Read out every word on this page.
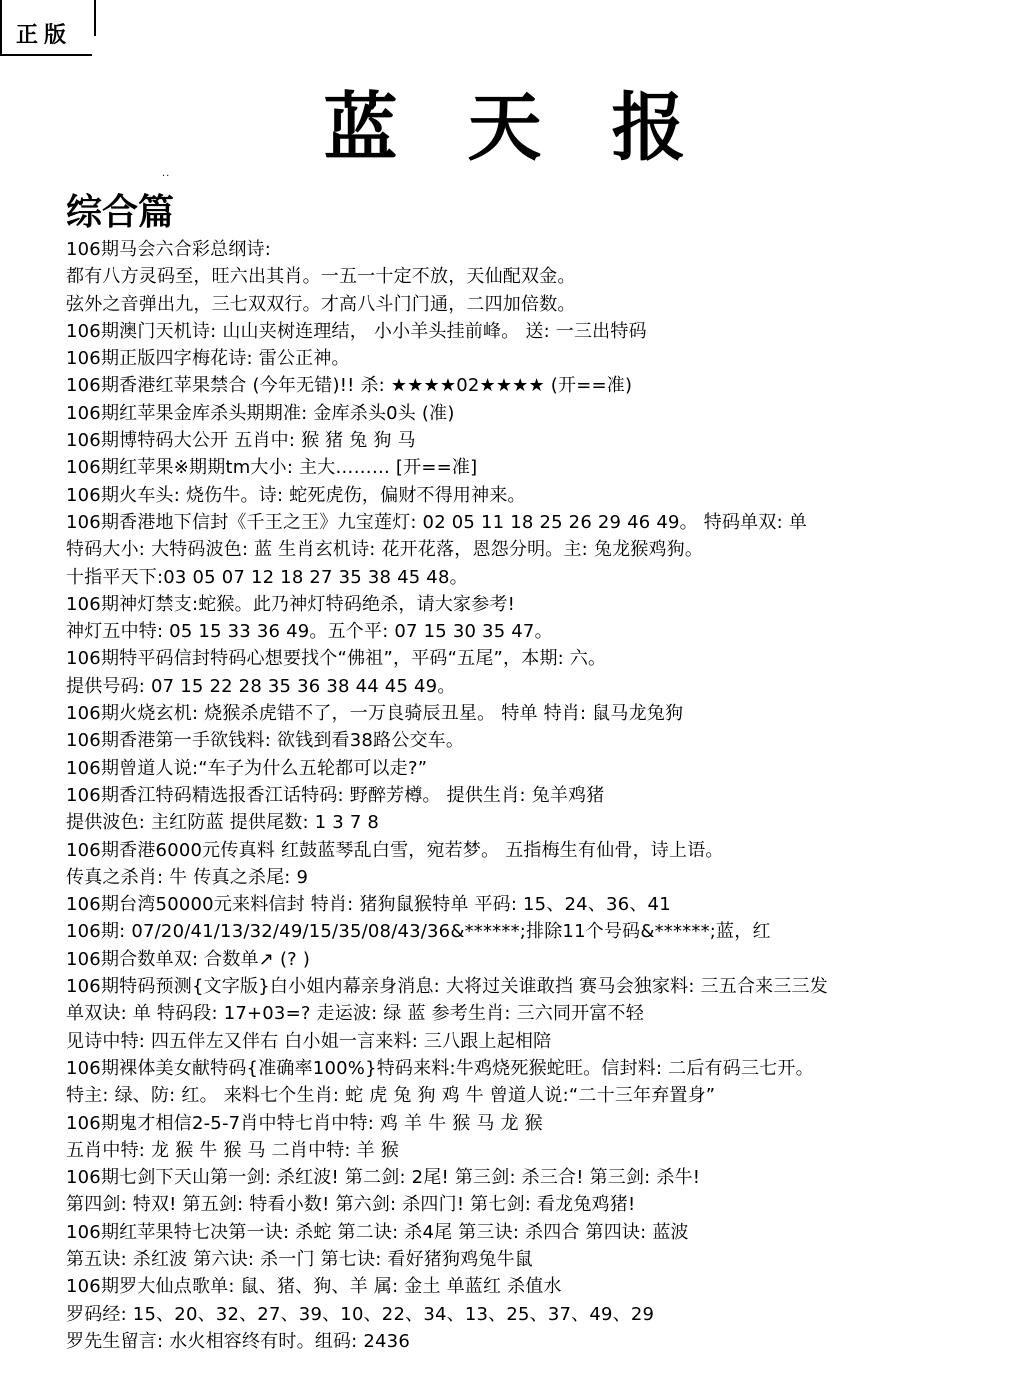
正版
蓝天报
··
综合篇
106期马会六合彩总纲诗:
都有八方灵码至，旺六出其肖。一五一十定不放，天仙配双金。
弦外之音弹出九，三七双双行。才高八斗门门通，二四加倍数。
106期澳门天机诗: 山山夹树连理结， 小小羊头挂前峰。 送: 一三出特码
106期正版四字梅花诗: 雷公正神。
106期香港红苹果禁合 (今年无错)!! 杀: ★★★★02★★★★ (开==准)
106期红苹果金库杀头期期准: 金库杀头0头 (准)
106期博特码大公开 五肖中: 猴 猪 兔 狗 马
106期红苹果※期期tm大小: 主大……… [开==准]
106期火车头: 烧伤牛。诗: 蛇死虎伤，偏财不得用神来。
106期香港地下信封《千王之王》九宝莲灯: 02 05 11 18 25 26 29 46 49。 特码单双: 单
特码大小: 大特码波色: 蓝 生肖玄机诗: 花开花落，恩怨分明。主: 兔龙猴鸡狗。
十指平天下:03 05 07 12 18 27 35 38 45 48。
106期神灯禁支:蛇猴。此乃神灯特码绝杀，请大家参考!
神灯五中特: 05 15 33 36 49。五个平: 07 15 30 35 47。
106期特平码信封特码心想要找个“佛祖”，平码“五尾”，本期: 六。
提供号码: 07 15 22 28 35 36 38 44 45 49。
106期火烧玄机: 烧猴杀虎错不了，一万良骑辰丑星。 特单 特肖: 鼠马龙兔狗
106期香港第一手欲钱料: 欲钱到看38路公交车。
106期曾道人说:“车子为什么五轮都可以走?”
106期香江特码精选报香江话特码: 野醉芳樽。 提供生肖: 兔羊鸡猪
提供波色: 主红防蓝 提供尾数: 1 3 7 8
106期香港6000元传真料 红鼓蓝琴乱白雪，宛若梦。 五指梅生有仙骨，诗上语。
传真之杀肖: 牛 传真之杀尾: 9
106期台湾50000元来料信封 特肖: 猪狗鼠猴特单 平码: 15、24、36、41
106期: 07/20/41/13/32/49/15/35/08/43/36&******;排除11个号码&******;蓝，红
106期合数单双: 合数单↗ (? )
106期特码预测{文字版}白小姐内幕亲身消息: 大将过关谁敢挡 赛马会独家料: 三五合来三三发
单双诀: 单 特码段: 17+03=? 走运波: 绿 蓝 参考生肖: 三六同开富不轻
见诗中特: 四五伴左又伴右 白小姐一言来料: 三八跟上起相陪
106期裸体美女献特码{准确率100%}特码来料:牛鸡烧死猴蛇旺。信封料: 二后有码三七开。
特主: 绿、防: 红。 来料七个生肖: 蛇 虎 兔 狗 鸡 牛 曾道人说:“二十三年弃置身”
106期鬼才相信2-5-7肖中特七肖中特: 鸡 羊 牛 猴 马 龙 猴
五肖中特: 龙 猴 牛 猴 马 二肖中特: 羊 猴
106期七剑下天山第一剑: 杀红波! 第二剑: 2尾! 第三剑: 杀三合! 第三剑: 杀牛!
第四剑: 特双! 第五剑: 特看小数! 第六剑: 杀四门! 第七剑: 看龙兔鸡猪!
106期红苹果特七决第一诀: 杀蛇 第二诀: 杀4尾 第三诀: 杀四合 第四诀: 蓝波
第五诀: 杀红波 第六诀: 杀一门 第七诀: 看好猪狗鸡兔牛鼠
106期罗大仙点歌单: 鼠、猪、狗、羊 属: 金土 单蓝红 杀值水
罗码经: 15、20、32、27、39、10、22、34、13、25、37、49、29
罗先生留言: 水火相容终有时。组码: 2436
